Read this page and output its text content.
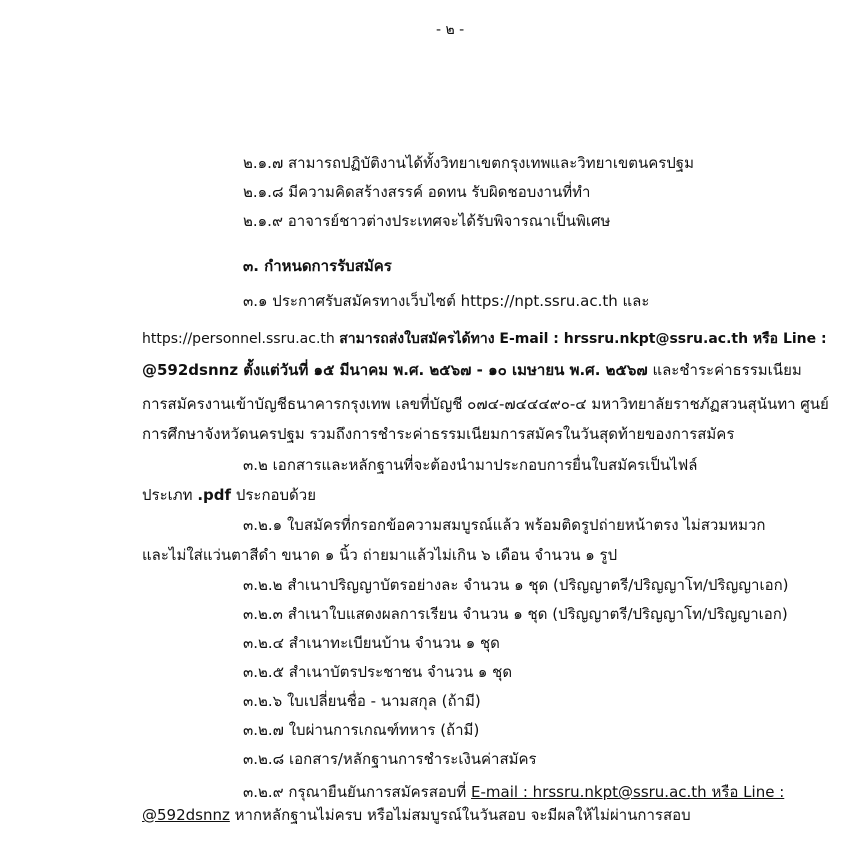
- ๒ -
๒.๑.๗ สามารถปฏิบัติงานได้ทั้งวิทยาเขตกรุงเทพและวิทยาเขตนครปฐม
๒.๑.๘ มีความคิดสร้างสรรค์ อดทน รับผิดชอบงานที่ทำ
๒.๑.๙ อาจารย์ชาวต่างประเทศจะได้รับพิจารณาเป็นพิเศษ
๓. กำหนดการรับสมัคร
๓.๑ ประกาศรับสมัครทางเว็บไซต์ https://npt.ssru.ac.th และ
https://personnel.ssru.ac.th สามารถส่งใบสมัครได้ทาง E-mail : hrssru.nkpt@ssru.ac.th หรือ Line :
@592dsnnz ตั้งแต่วันที่ ๑๕ มีนาคม พ.ศ. ๒๕๖๗ - ๑๐ เมษายน พ.ศ. ๒๕๖๗ และชำระค่าธรรมเนียม
การสมัครงานเข้าบัญชีธนาคารกรุงเทพ เลขที่บัญชี ๐๗๔-๗๔๔๔๙๐-๔ มหาวิทยาลัยราชภัฏสวนสุนันทา ศูนย์
การศึกษาจังหวัดนครปฐม รวมถึงการชำระค่าธรรมเนียมการสมัครในวันสุดท้ายของการสมัคร
๓.๒ เอกสารและหลักฐานที่จะต้องนำมาประกอบการยื่นใบสมัครเป็นไฟล์
ประเภท .pdf ประกอบด้วย
๓.๒.๑ ใบสมัครที่กรอกข้อความสมบูรณ์แล้ว พร้อมติดรูปถ่ายหน้าตรง ไม่สวมหมวก
และไม่ใส่แว่นตาสีดำ ขนาด ๑ นิ้ว ถ่ายมาแล้วไม่เกิน ๖ เดือน จำนวน ๑ รูป
๓.๒.๒ สำเนาปริญญาบัตรอย่างละ จำนวน ๑ ชุด (ปริญญาตรี/ปริญญาโท/ปริญญาเอก)
๓.๒.๓ สำเนาใบแสดงผลการเรียน จำนวน ๑ ชุด (ปริญญาตรี/ปริญญาโท/ปริญญาเอก)
๓.๒.๔ สำเนาทะเบียนบ้าน จำนวน ๑ ชุด
๓.๒.๕ สำเนาบัตรประชาชน จำนวน ๑ ชุด
๓.๒.๖ ใบเปลี่ยนชื่อ - นามสกุล (ถ้ามี)
๓.๒.๗ ใบผ่านการเกณฑ์ทหาร (ถ้ามี)
๓.๒.๘ เอกสาร/หลักฐานการชำระเงินค่าสมัคร
๓.๒.๙ กรุณายืนยันการสมัครสอบที่ E-mail : hrssru.nkpt@ssru.ac.th หรือ Line :
@592dsnnz หากหลักฐานไม่ครบ หรือไม่สมบูรณ์ในวันสอบ จะมีผลให้ไม่ผ่านการสอบ
